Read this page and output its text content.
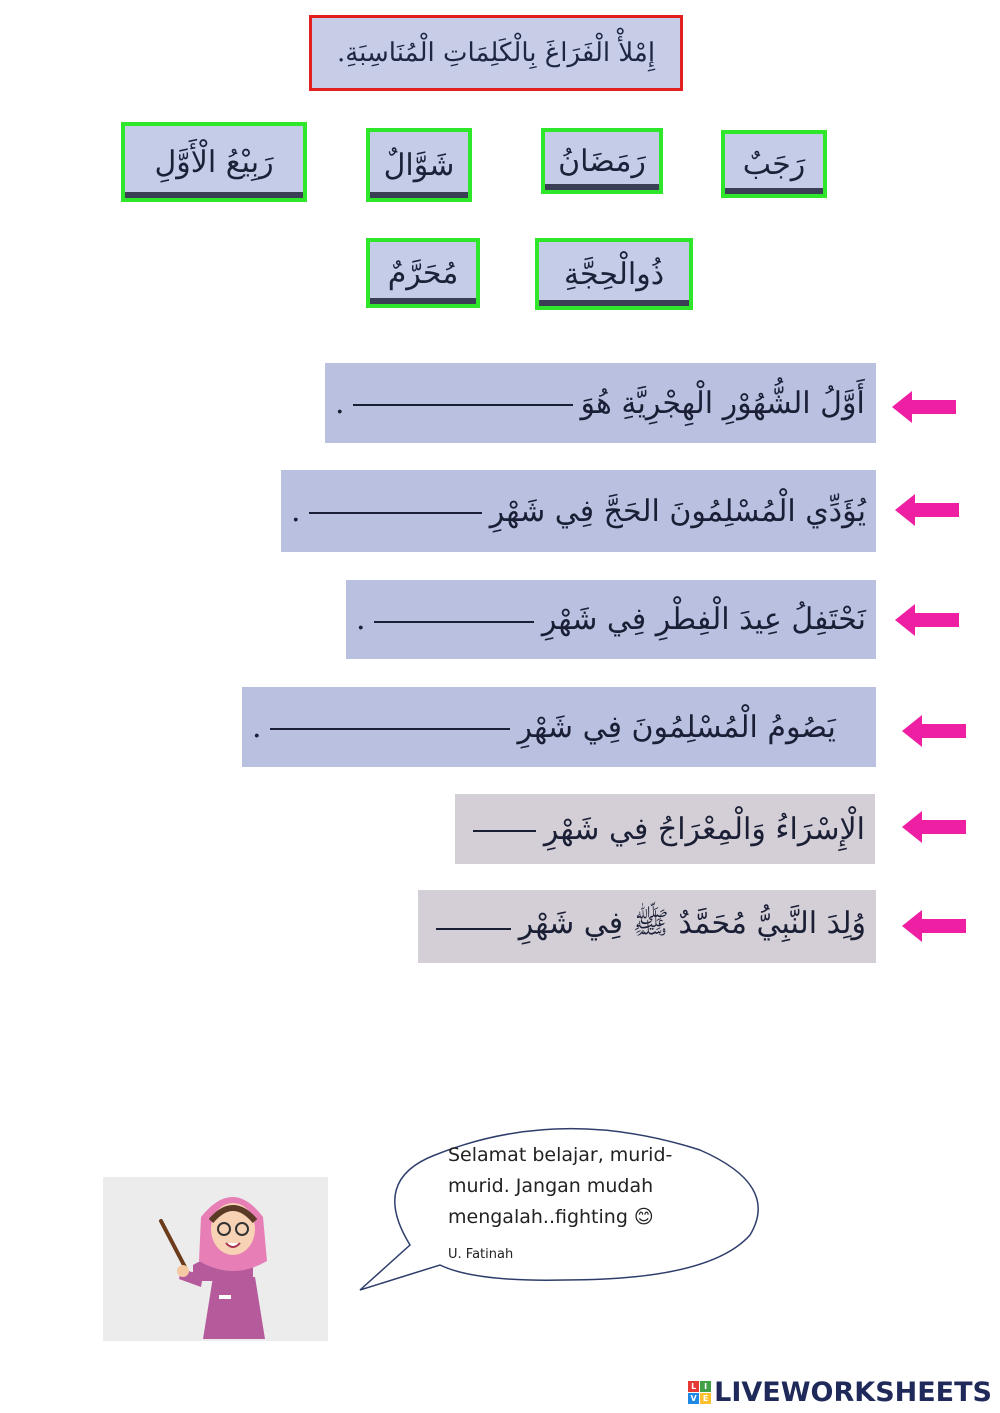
إِمْلأْ الْفَرَاغَ بِالْكَلِمَاتِ الْمُنَاسِبَةِ.
رَجَبٌ
رَمَضَانُ
شَوَّالٌ
رَبِيْعُ الْأَوَّلِ
ذُوالْحِجَّةِ
مُحَرَّمٌ
أَوَّلُ الشُّهُوْرِ الْهِجْرِيَّةِ هُوَ
.
يُؤَدِّي الْمُسْلِمُونَ الحَجَّ فِي شَهْرِ
.
نَحْتَفِلُ عِيدَ الْفِطْرِ فِي شَهْرِ
.
يَصُومُ الْمُسْلِمُونَ فِي شَهْرِ
.
الْإِسْرَاءُ وَالْمِعْرَاجُ فِي شَهْرِ
وُلِدَ النَّبِيُّ مُحَمَّدٌ ﷺ فِي شَهْرِ
Selamat belajar, murid-murid. Jangan mudah mengalah..fighting 😊
U. Fatinah
L I
V E LIVEWORKSHEETS
